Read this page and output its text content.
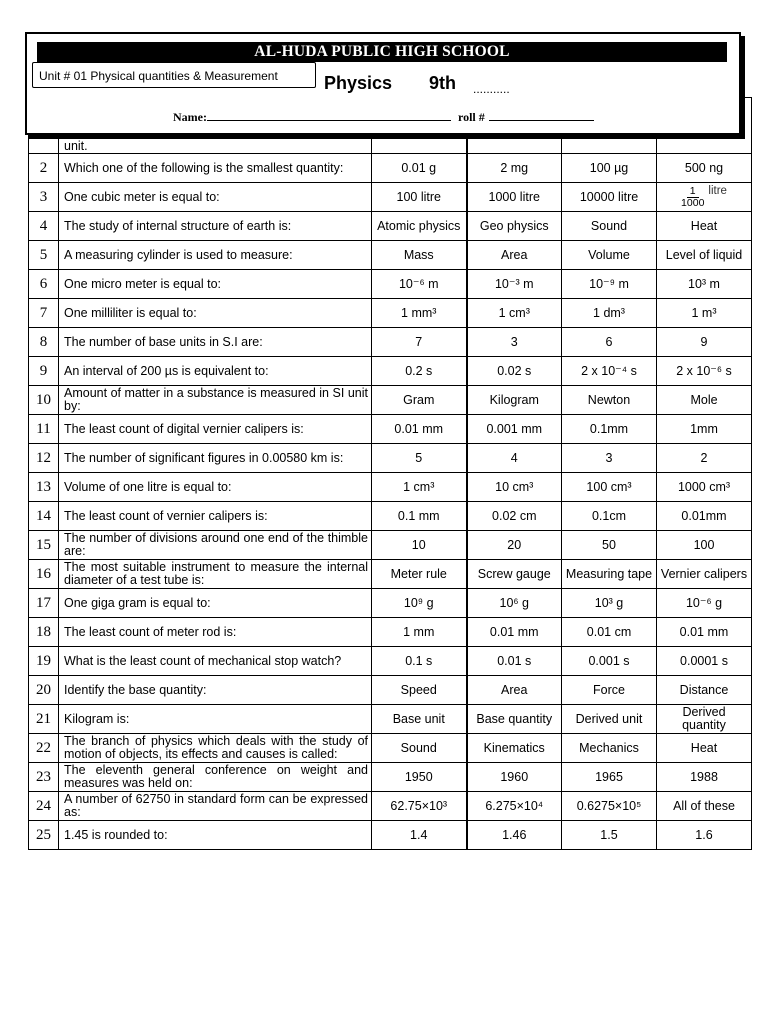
	unit.				
2	Which one of the following is the smallest quantity:	0.01 g	2 mg	100 µg	500 ng
3	One cubic meter is equal to:	100 litre	1000 litre	10000 litre	$\frac{1}{1000}$ litre
4	The study of internal structure of earth is:	Atomic physics	Geo physics	Sound	Heat
5	A measuring cylinder is used to measure:	Mass	Area	Volume	Level of liquid
6	One micro meter is equal to:	10⁻⁶ m	10⁻³ m	10⁻⁹ m	10³ m
7	One milliliter is equal to:	1 mm³	1 cm³	1 dm³	1 m³
8	The number of base units in S.I are:	7	3	6	9
9	An interval of 200 µs is equivalent to:	0.2 s	0.02 s	2 x 10⁻⁴ s	2 x 10⁻⁶ s
10	Amount of matter in a substance is measured in SI unit by:	Gram	Kilogram	Newton	Mole
11	The least count of digital vernier calipers is:	0.01 mm	0.001 mm	0.1mm	1mm
12	The number of significant figures in 0.00580 km is:	5	4	3	2
13	Volume of one litre is equal to:	1 cm³	10 cm³	100 cm³	1000 cm³
14	The least count of vernier calipers is:	0.1 mm	0.02 cm	0.1cm	0.01mm
15	The number of divisions around one end of the thimble are:	10	20	50	100
16	The most suitable instrument to measure the internal diameter of a test tube is:	Meter rule	Screw gauge	Measuring tape	Vernier calipers
17	One giga gram is equal to:	10⁹ g	10⁶ g	10³ g	10⁻⁶ g
18	The least count of meter rod is:	1 mm	0.01 mm	0.01 cm	0.01 mm
19	What is the least count of mechanical stop watch?	0.1 s	0.01 s	0.001 s	0.0001 s
20	Identify the base quantity:	Speed	Area	Force	Distance
21	Kilogram is:	Base unit	Base quantity	Derived unit	Derived quantity
22	The branch of physics which deals with the study of motion of objects, its effects and causes is called:	Sound	Kinematics	Mechanics	Heat
23	The eleventh general conference on weight and measures was held on:	1950	1960	1965	1988
24	A number of 62750 in standard form can be expressed as:	62.75×10³	6.275×10⁴	0.6275×10⁵	All of these
25	1.45 is rounded to:	1.4	1.46	1.5	1.6
AL-HUDA PUBLIC HIGH SCHOOL
Unit # 01 Physical quantities & Measurement	Physics 9th ...........
Name:	roll #
